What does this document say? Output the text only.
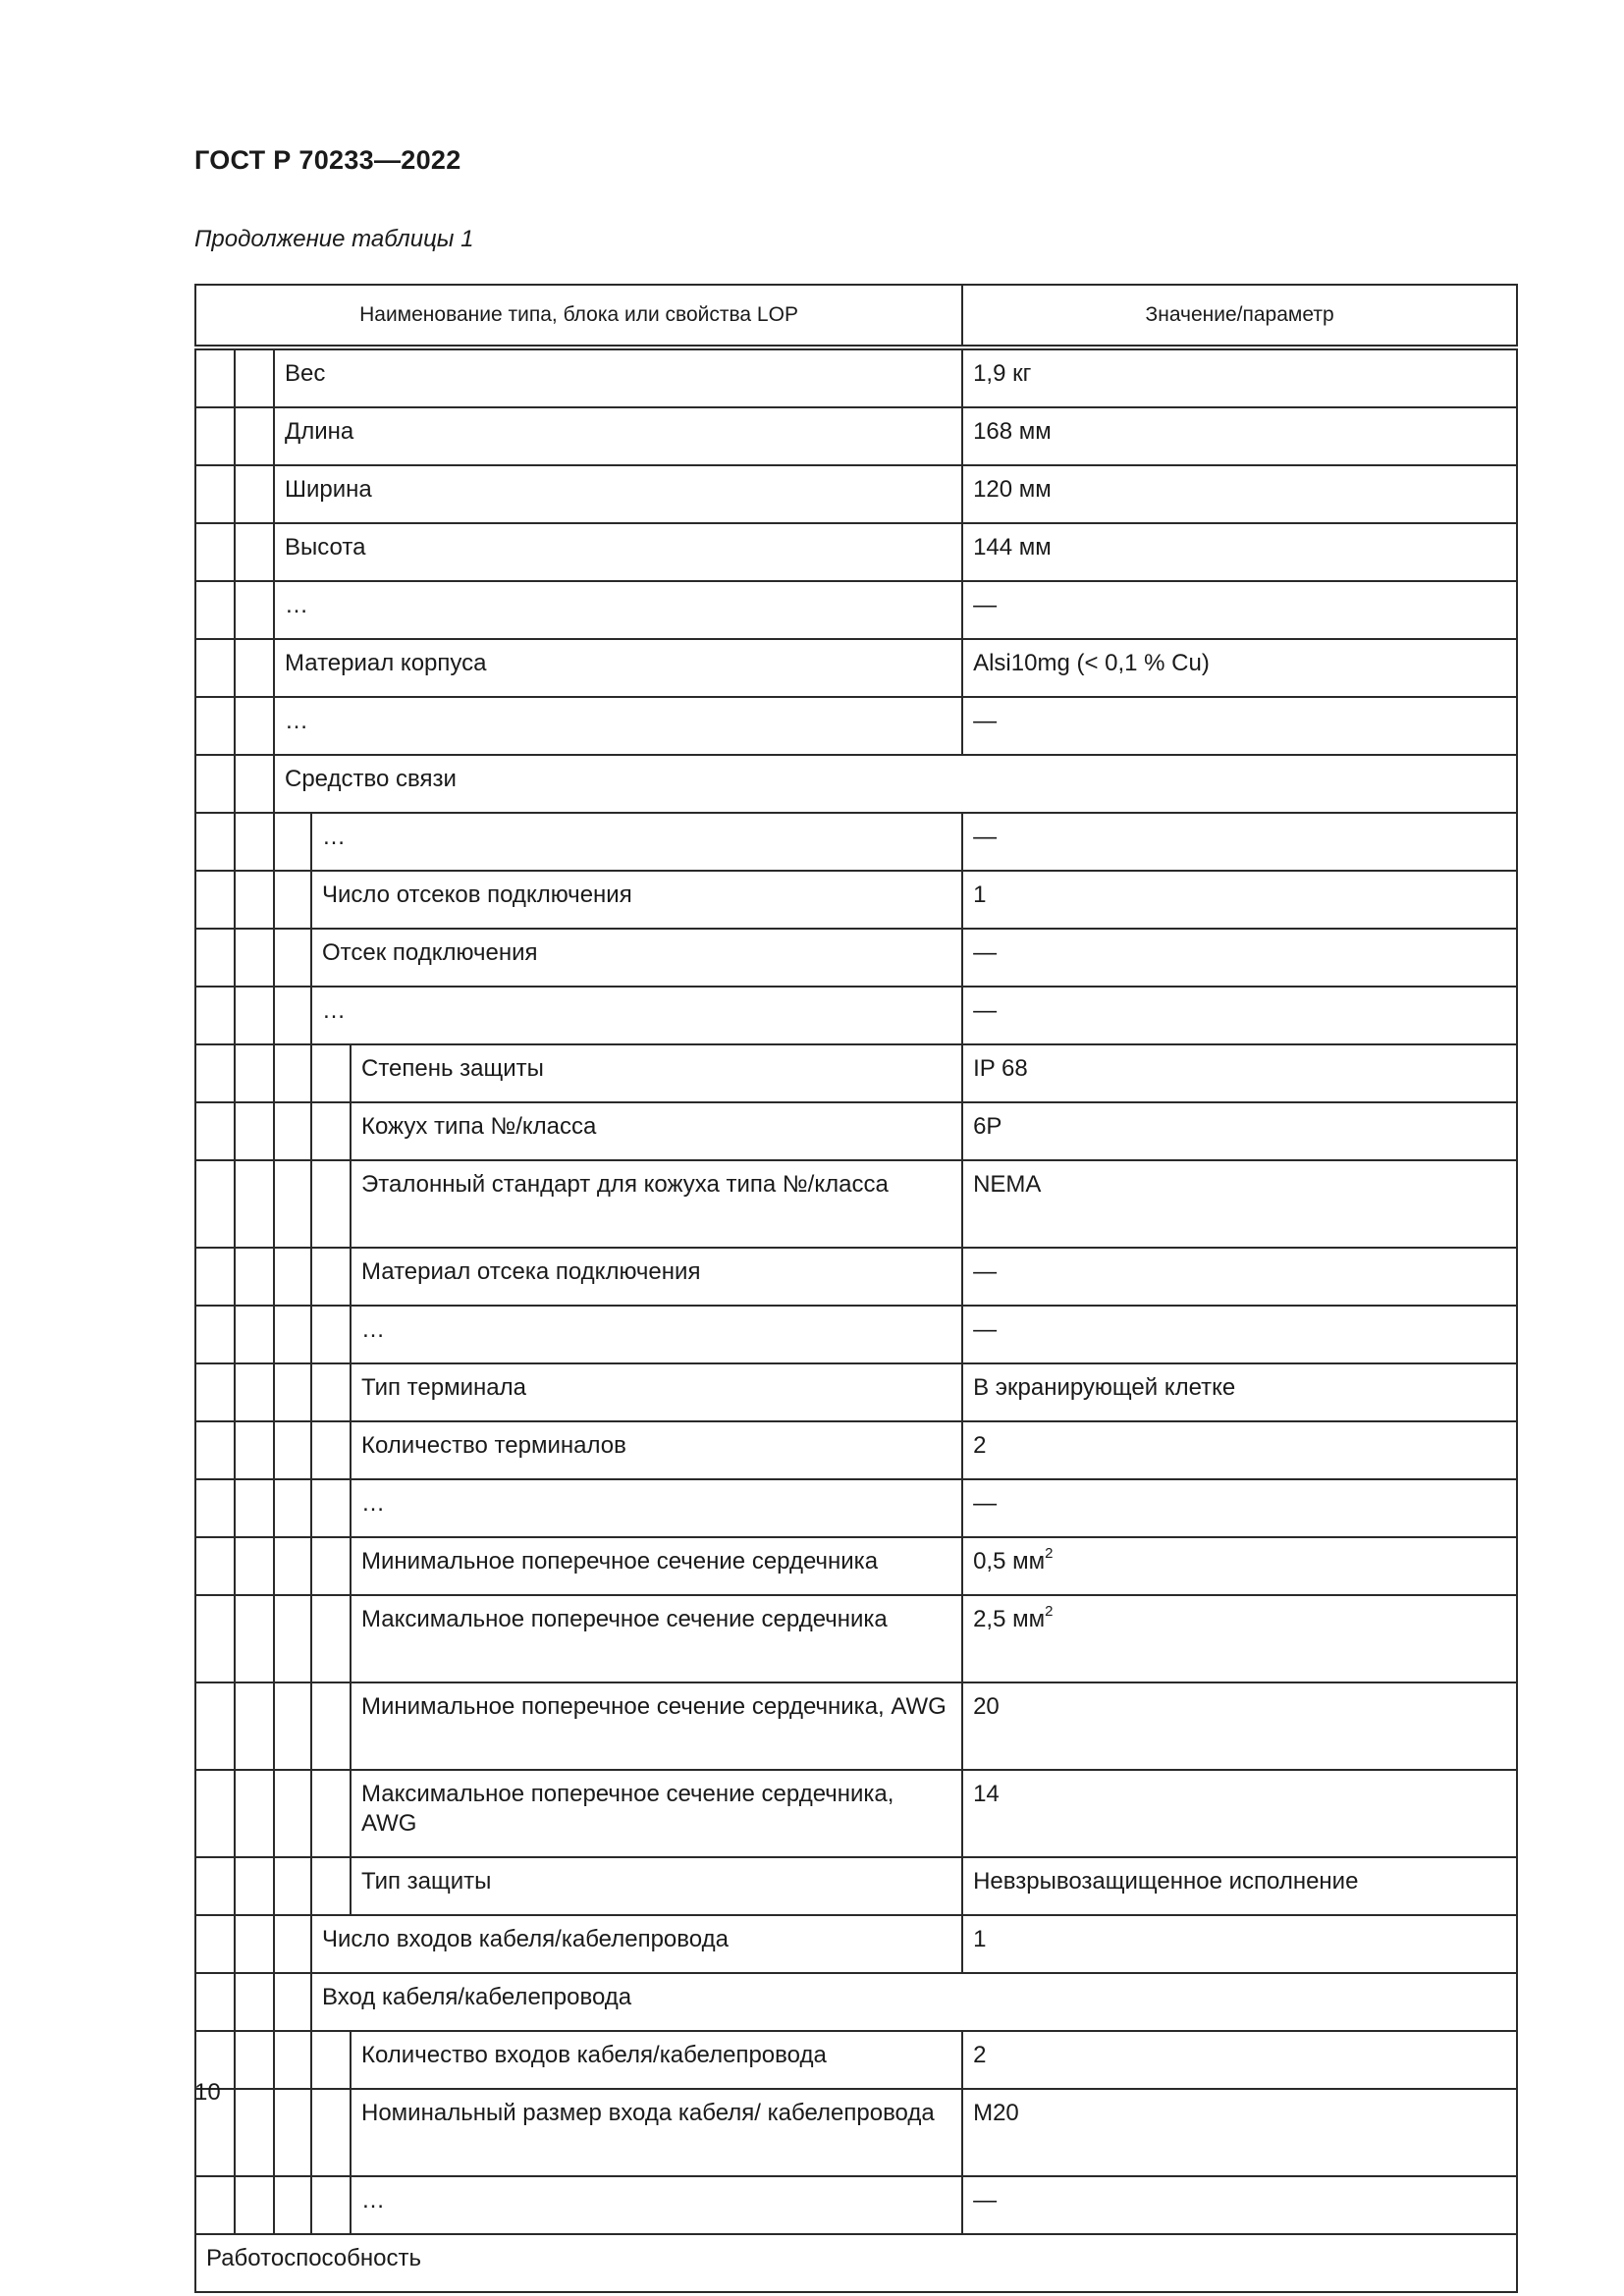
ГОСТ Р 70233—2022
Продолжение таблицы 1
Наименование типа, блока или свойства LOP					Значение/параметр
		Вес			1,9 кг
		Длина			168 мм
		Ширина			120 мм
		Высота			144 мм
		…			—
		Материал корпуса			Alsi10mg (< 0,1 % Cu)
		…			—
		Средство связи			
			…		—
			Число отсеков подключения		1
			Отсек подключения		—
			…		—
				Степень защиты	IP 68
				Кожух типа №/класса	6P
				Эталонный стандарт для кожуха типа №/класса	NEMA
				Материал отсека подключения	—
				…	—
				Тип терминала	В экранирующей клетке
				Количество терминалов	2
				…	—
				Минимальное поперечное сечение сердечника	0,5 $мм^2$
				Максимальное поперечное сечение сердечника	2,5 $мм^2$
				Минимальное поперечное сечение сердечника, AWG	20
				Максимальное поперечное сечение сердечника, AWG	14
				Тип защиты	Невзрывозащищенное исполнение
			Число входов кабеля/кабелепровода		1
			Вход кабеля/кабелепровода		
				Количество входов кабеля/кабелепровода	2
				Номинальный размер входа кабеля/ кабелепровода	M20
				…	—
Работоспособность					
10
